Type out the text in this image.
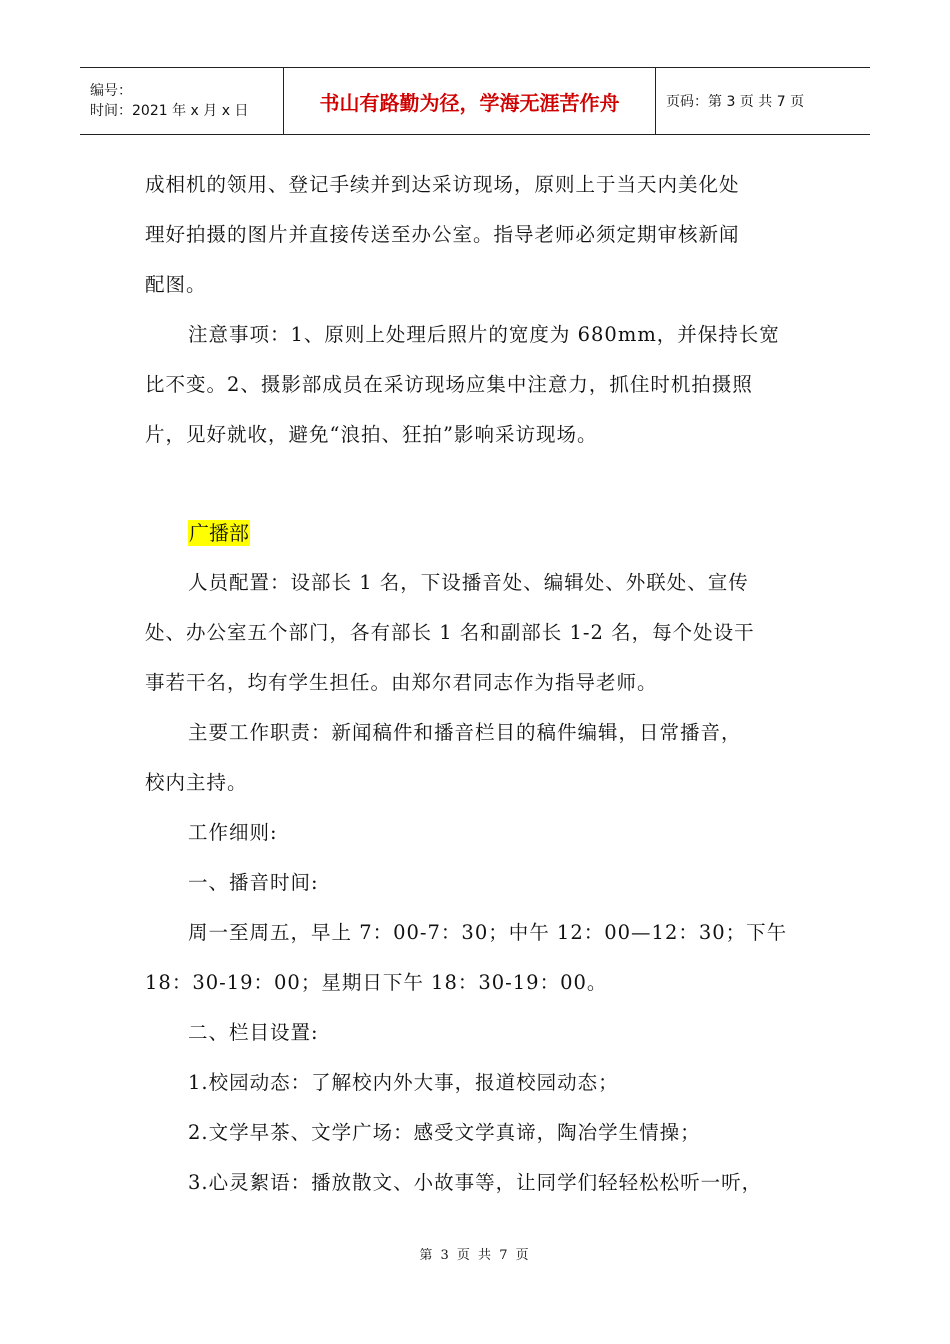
编号：
时间：2021 年 x 月 x 日	书山有路勤为径，学海无涯苦作舟	页码：第 3 页 共 7 页

成相机的领用、登记手续并到达采访现场，原则上于当天内美化处

理好拍摄的图片并直接传送至办公室。指导老师必须定期审核新闻

配图。

注意事项：1、原则上处理后照片的宽度为 680mm，并保持长宽

比不变。2、摄影部成员在采访现场应集中注意力，抓住时机拍摄照

片，见好就收，避免“浪拍、狂拍”影响采访现场。

广播部

人员配置：设部长 1 名，下设播音处、编辑处、外联处、宣传

处、办公室五个部门，各有部长 1 名和副部长 1-2 名，每个处设干

事若干名，均有学生担任。由郑尔君同志作为指导老师。

主要工作职责：新闻稿件和播音栏目的稿件编辑，日常播音，

校内主持。

工作细则:

一、播音时间:

周一至周五，早上 7：00-7：30；中午 12：00—12：30；下午

18：30-19：00；星期日下午 18：30-19：00。

二、栏目设置:

1.校园动态：了解校内外大事，报道校园动态；

2.文学早茶、文学广场：感受文学真谛，陶冶学生情操；

3.心灵絮语：播放散文、小故事等，让同学们轻轻松松听一听，

第 3 页 共 7 页
